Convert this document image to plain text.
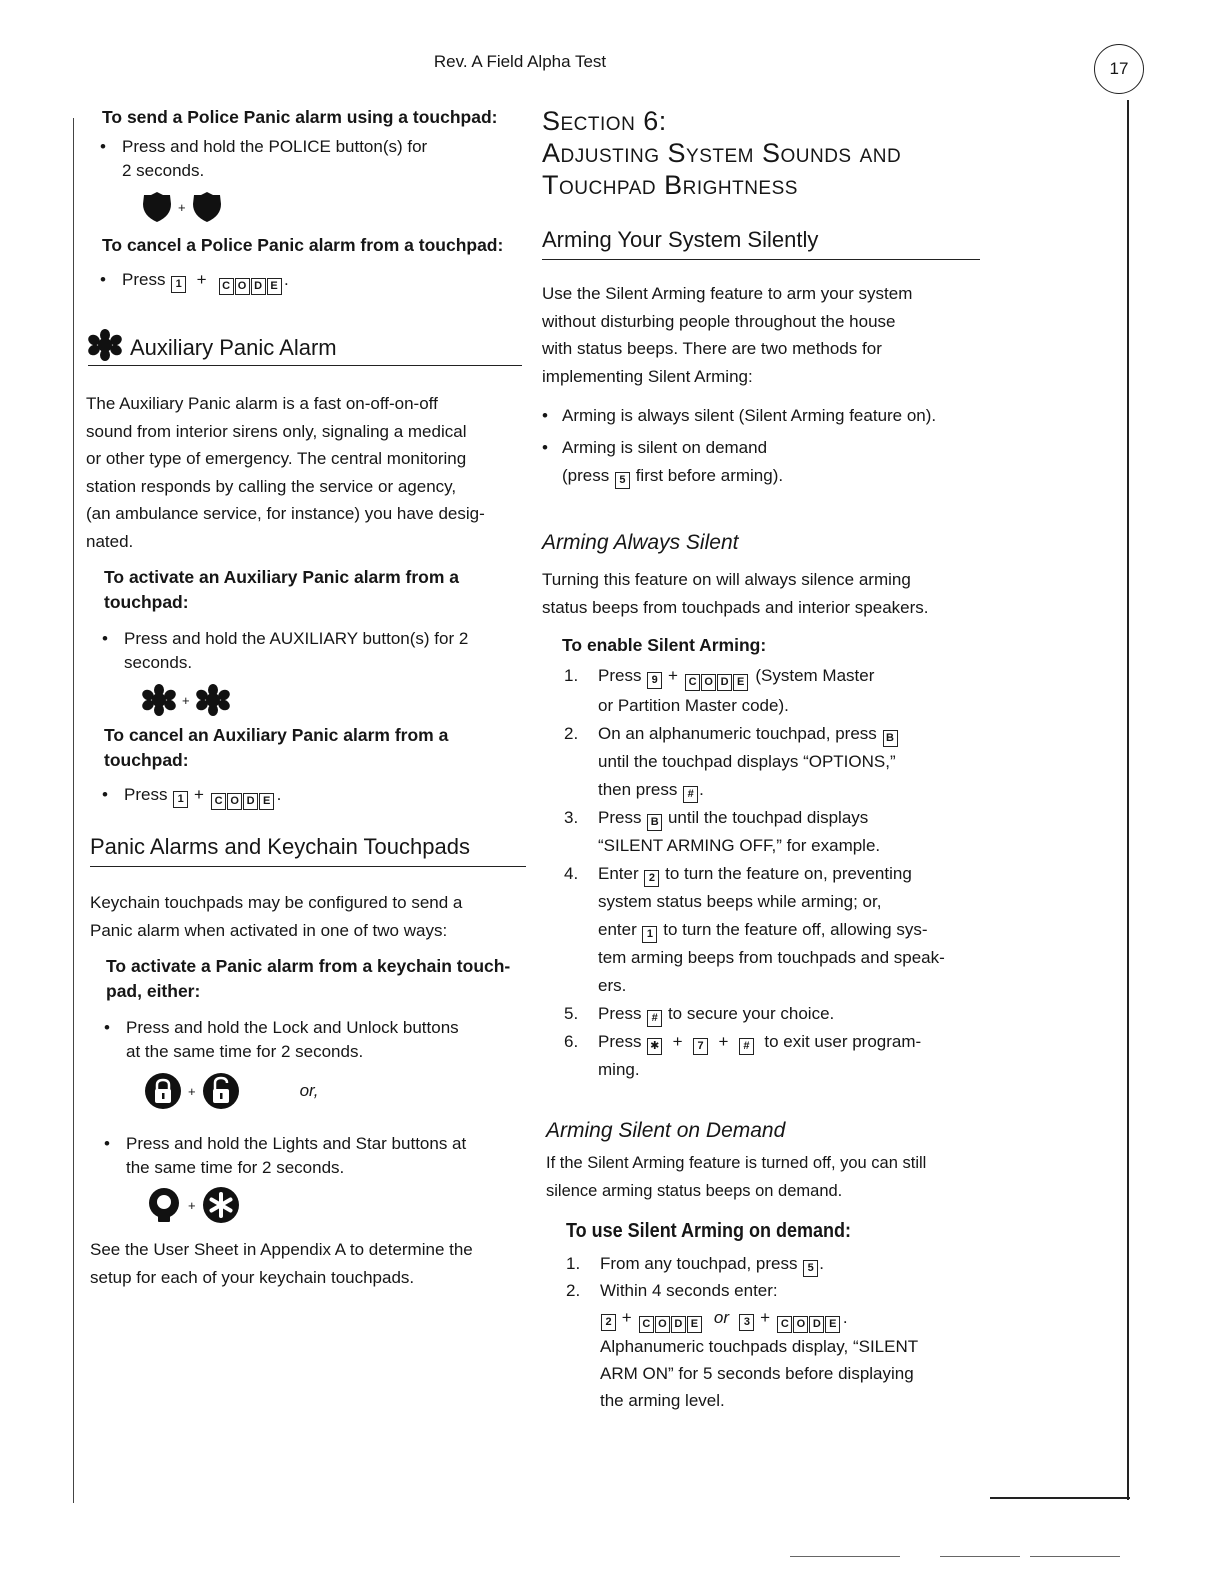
Rev. A Field Alpha Test	17
To send a Police Panic alarm using a touchpad:
• Press and hold the POLICE button(s) for
2 seconds.
+
To cancel a Police Panic alarm from a touchpad:
• Press 1 + C O D E .
Auxiliary Panic Alarm
The Auxiliary Panic alarm is a fast on-off-on-off
sound from interior sirens only, signaling a medical
or other type of emergency. The central monitoring
station responds by calling the service or agency,
(an ambulance service, for instance) you have desig-
nated.
To activate an Auxiliary Panic alarm from a
touchpad:
• Press and hold the AUXILIARY button(s) for 2
seconds.
+
To cancel an Auxiliary Panic alarm from a
touchpad:
• Press 1 + C O D E .
Panic Alarms and Keychain Touchpads
Keychain touchpads may be configured to send a
Panic alarm when activated in one of two ways:
To activate a Panic alarm from a keychain touch-
pad, either:
• Press and hold the Lock and Unlock buttons
at the same time for 2 seconds.
+	or,
• Press and hold the Lights and Star buttons at
the same time for 2 seconds.
+
See the User Sheet in Appendix A to determine the
setup for each of your keychain touchpads.
Section 6:
Adjusting System Sounds and
Touchpad Brightness
Arming Your System Silently
Use the Silent Arming feature to arm your system
without disturbing people throughout the house
with status beeps. There are two methods for
implementing Silent Arming:
• Arming is always silent (Silent Arming feature on).
• Arming is silent on demand
(press 5 first before arming).
Arming Always Silent
Turning this feature on will always silence arming
status beeps from touchpads and interior speakers.
To enable Silent Arming:
1.	Press 9 + C O D E (System Master
or Partition Master code).
2.	On an alphanumeric touchpad, press B
until the touchpad displays “OPTIONS,”
then press # .
3.	Press B until the touchpad displays
“SILENT ARMING OFF,” for example.
4.	Enter 2 to turn the feature on, preventing
system status beeps while arming; or,
enter 1 to turn the feature off, allowing sys-
tem arming beeps from touchpads and speak-
ers.
5.	Press # to secure your choice.
6.	Press ✱ + 7 + # to exit user program-
ming.
Arming Silent on Demand
If the Silent Arming feature is turned off, you can still
silence arming status beeps on demand.
To use Silent Arming on demand:
1.	From any touchpad, press 5 .
2.	Within 4 seconds enter:
2 + C O D E or 3 + C O D E .
Alphanumeric touchpads display, “SILENT
ARM ON” for 5 seconds before displaying
the arming level.
